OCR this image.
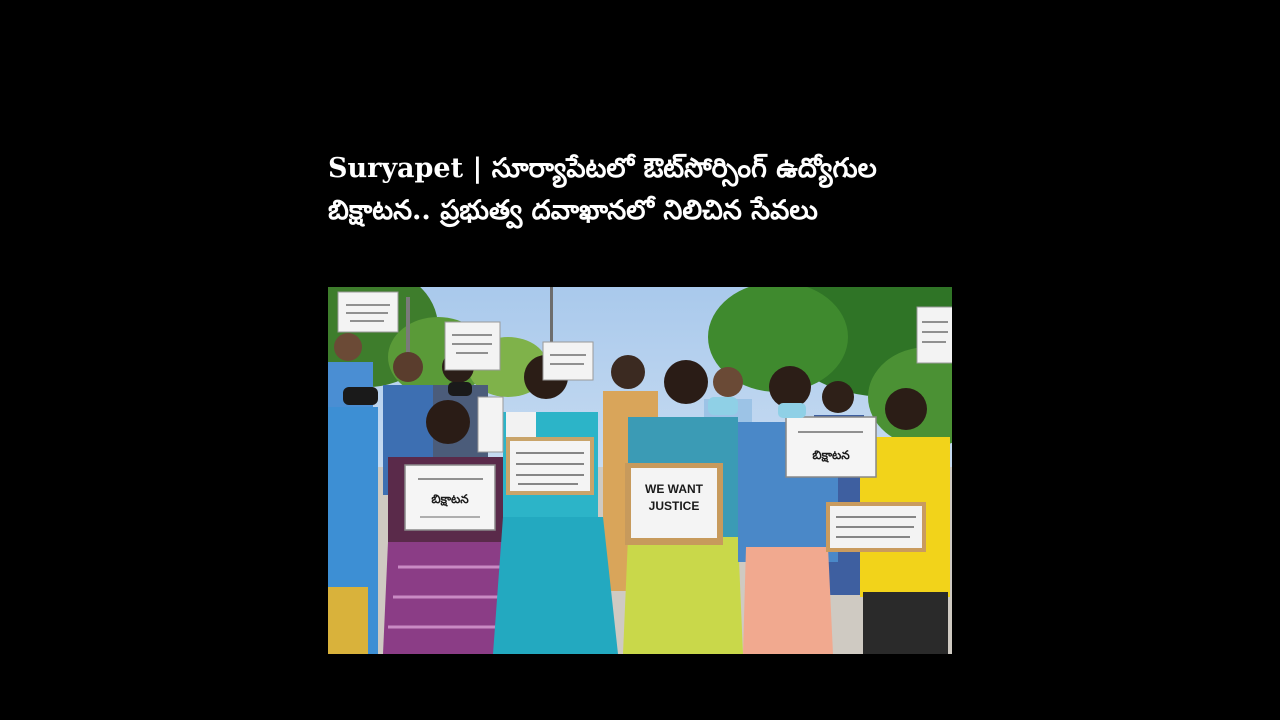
Suryapet | సూర్యాపేటలో ఔట్‌సోర్సింగ్ ఉద్యోగుల బిక్షాటన.. ప్రభుత్వ దవాఖానలో నిలిచిన సేవలు
బిక్షాటన
WE WANT
JUSTICE
బిక్షాటన
